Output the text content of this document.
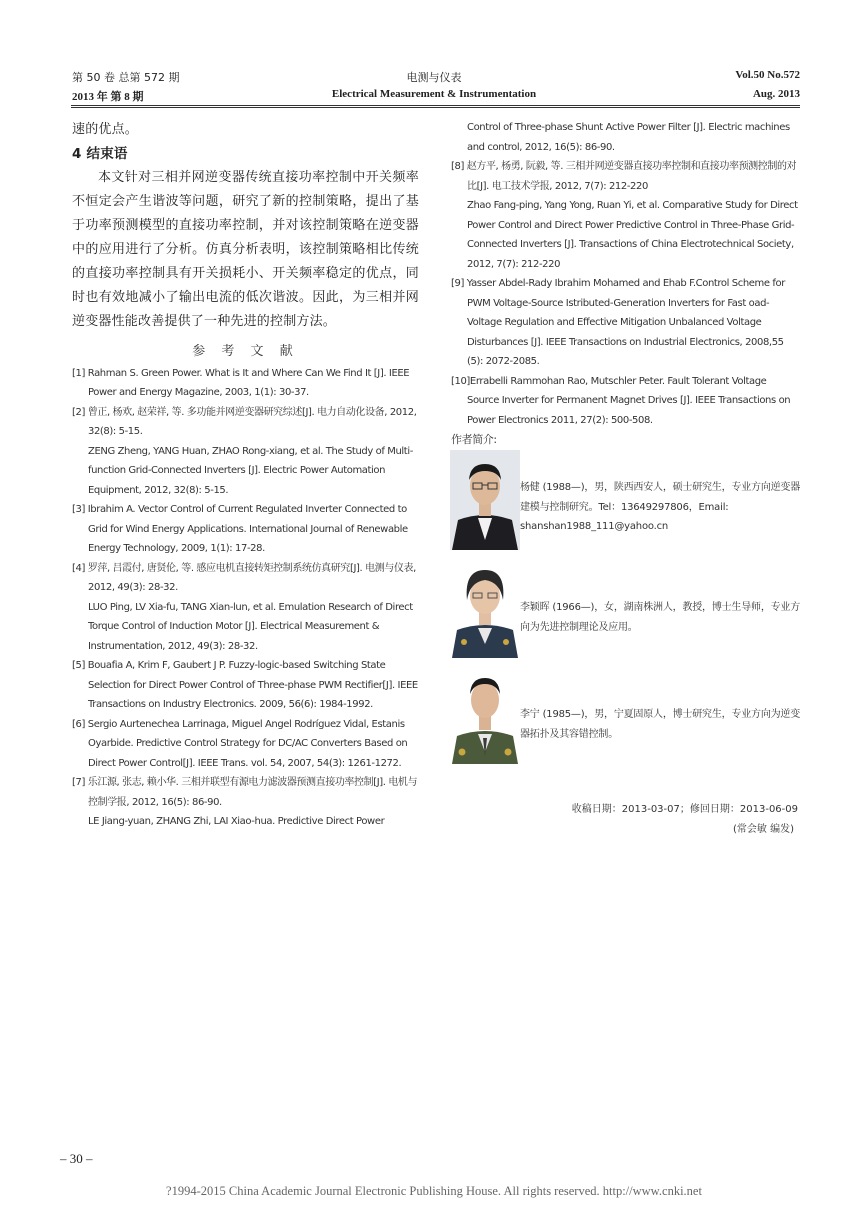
第 50 卷 总第 572 期
2013 年 第 8 期
电测与仪表
Electrical Measurement & Instrumentation
Vol.50 No.572
Aug. 2013
速的优点。
4 结束语
本文针对三相并网逆变器传统直接功率控制中开关频率不恒定会产生谐波等问题，研究了新的控制策略，提出了基于功率预测模型的直接功率控制，并对该控制策略在逆变器中的应用进行了分析。仿真分析表明，该控制策略相比传统的直接功率控制具有开关损耗小、开关频率稳定的优点，同时也有效地减小了输出电流的低次谐波。因此，为三相并网逆变器性能改善提供了一种先进的控制方法。
参 考 文 献
[1] Rahman S. Green Power. What is It and Where Can We Find It [J]. IEEE Power and Energy Magazine, 2003, 1(1): 30-37.
[2] 曾正, 杨欢, 赵荣祥, 等. 多功能并网逆变器研究综述[J]. 电力自动化设备, 2012, 32(8): 5-15.
ZENG Zheng, YANG Huan, ZHAO Rong-xiang, et al. The Study of Multi-function Grid-Connected Inverters [J]. Electric Power Automation Equipment, 2012, 32(8): 5-15.
[3] Ibrahim A. Vector Control of Current Regulated Inverter Connected to Grid for Wind Energy Applications. International Journal of Renewable Energy Technology, 2009, 1(1): 17-28.
[4] 罗萍, 吕霞付, 唐贤伦, 等. 感应电机直接转矩控制系统仿真研究[J]. 电测与仪表, 2012, 49(3): 28-32.
LUO Ping, LV Xia-fu, TANG Xian-lun, et al. Emulation Research of Direct Torque Control of Induction Motor [J]. Electrical Measurement & Instrumentation, 2012, 49(3): 28-32.
[5] Bouafia A, Krim F, Gaubert J P. Fuzzy-logic-based Switching State Selection for Direct Power Control of Three-phase PWM Rectifier[J]. IEEE Transactions on Industry Electronics. 2009, 56(6): 1984-1992.
[6] Sergio Aurtenechea Larrinaga, Miguel Angel Rodríguez Vidal, Estanis Oyarbide. Predictive Control Strategy for DC/AC Converters Based on Direct Power Control[J]. IEEE Trans. vol. 54, 2007, 54(3): 1261-1272.
[7] 乐江源, 张志, 赖小华. 三相并联型有源电力滤波器预测直接功率控制[J]. 电机与控制学报, 2012, 16(5): 86-90.
LE Jiang-yuan, ZHANG Zhi, LAI Xiao-hua. Predictive Direct Power
Control of Three-phase Shunt Active Power Filter [J]. Electric machines and control, 2012, 16(5): 86-90.
[8] 赵方平, 杨勇, 阮毅, 等. 三相并网逆变器直接功率控制和直接功率预测控制的对比[J]. 电工技术学报, 2012, 7(7): 212-220
Zhao Fang-ping, Yang Yong, Ruan Yi, et al. Comparative Study for Direct Power Control and Direct Power Predictive Control in Three-Phase Grid-Connected Inverters [J]. Transactions of China Electrotechnical Society, 2012, 7(7): 212-220
[9] Yasser Abdel-Rady Ibrahim Mohamed and Ehab F.Control Scheme for PWM Voltage-Source Istributed-Generation Inverters for Fast oad-Voltage Regulation and Effective Mitigation Unbalanced Voltage Disturbances [J]. IEEE Transactions on Industrial Electronics, 2008,55 (5): 2072-2085.
[10]Errabelli Rammohan Rao, Mutschler Peter. Fault Tolerant Voltage Source Inverter for Permanent Magnet Drives [J]. IEEE Transactions on Power Electronics 2011, 27(2): 500-508.
作者简介:
杨健 (1988—)，男，陕西西安人，硕士研究生，专业方向逆变器建模与控制研究。Tel：13649297806，Email: shanshan1988_111@yahoo.cn
李颖晖 (1966—)，女，湖南株洲人，教授，博士生导师，专业方向为先进控制理论及应用。
李宁 (1985—)，男，宁夏固原人，博士研究生，专业方向为逆变器拓扑及其容错控制。
收稿日期：2013-03-07；修回日期：2013-06-09
(常会敏 编发)
– 30 –
?1994-2015 China Academic Journal Electronic Publishing House. All rights reserved. http://www.cnki.net
